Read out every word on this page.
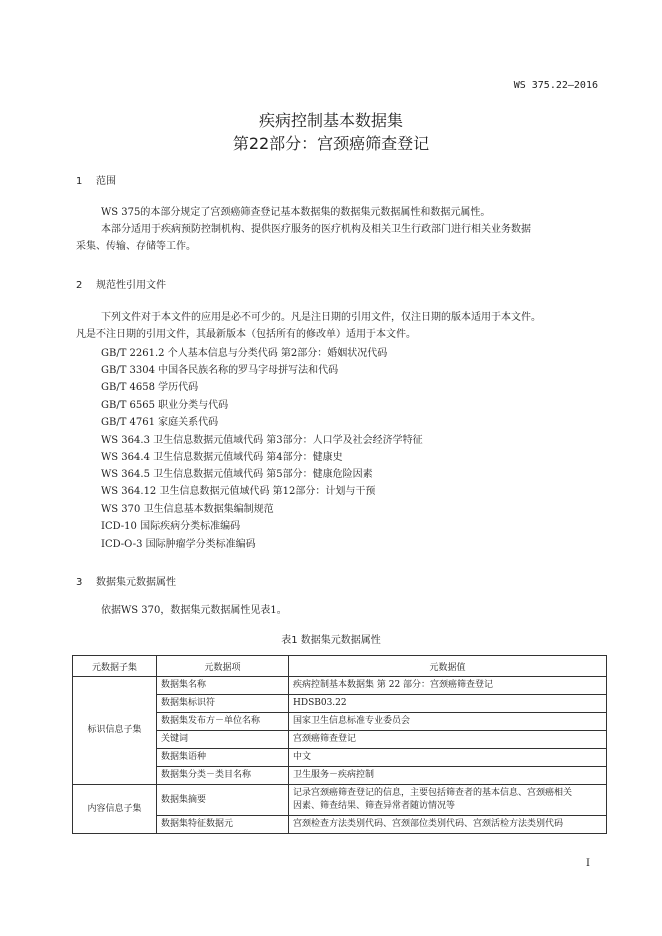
WS 375.22—2016
疾病控制基本数据集
第22部分：宫颈癌筛查登记
1 范围
WS 375的本部分规定了宫颈癌筛查登记基本数据集的数据集元数据属性和数据元属性。
本部分适用于疾病预防控制机构、提供医疗服务的医疗机构及相关卫生行政部门进行相关业务数据
采集、传输、存储等工作。
2 规范性引用文件
下列文件对于本文件的应用是必不可少的。凡是注日期的引用文件，仅注日期的版本适用于本文件。
凡是不注日期的引用文件，其最新版本（包括所有的修改单）适用于本文件。
GB/T 2261.2 个人基本信息与分类代码 第2部分：婚姻状况代码
GB/T 3304 中国各民族名称的罗马字母拼写法和代码
GB/T 4658 学历代码
GB/T 6565 职业分类与代码
GB/T 4761 家庭关系代码
WS 364.3 卫生信息数据元值域代码 第3部分：人口学及社会经济学特征
WS 364.4 卫生信息数据元值域代码 第4部分：健康史
WS 364.5 卫生信息数据元值域代码 第5部分：健康危险因素
WS 364.12 卫生信息数据元值域代码 第12部分：计划与干预
WS 370 卫生信息基本数据集编制规范
ICD-10 国际疾病分类标准编码
ICD-O-3 国际肿瘤学分类标准编码
3 数据集元数据属性
依据WS 370，数据集元数据属性见表1。
表1 数据集元数据属性
元数据子集	元数据项	元数据值
标识信息子集	数据集名称	疾病控制基本数据集 第 22 部分：宫颈癌筛查登记
	数据集标识符	HDSB03.22
	数据集发布方－单位名称	国家卫生信息标准专业委员会
	关键词	宫颈癌筛查登记
	数据集语种	中文
	数据集分类－类目名称	卫生服务－疾病控制
内容信息子集	数据集摘要	记录宫颈癌筛查登记的信息，主要包括筛查者的基本信息、宫颈癌相关
因素、筛查结果、筛查异常者随访情况等

	数据集特征数据元	宫颈检查方法类别代码、宫颈部位类别代码、宫颈活检方法类别代码
I
